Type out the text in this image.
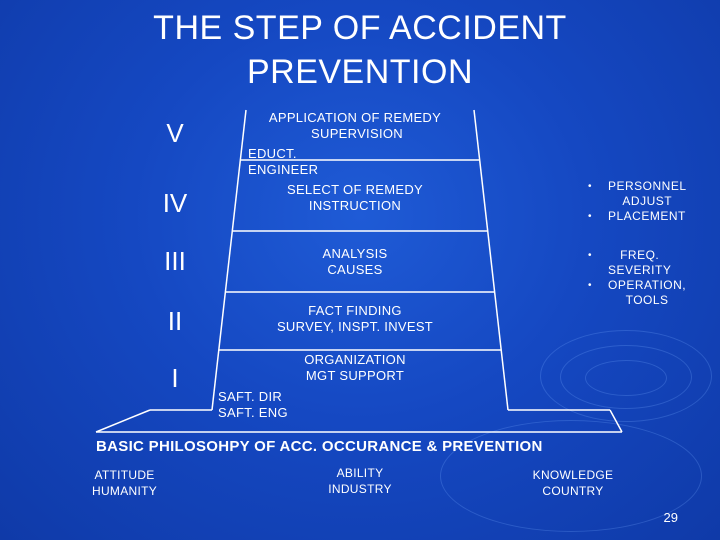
THE STEP OF ACCIDENT
PREVENTION
V
IV
III
II
I
APPLICATION OF REMEDY
SUPERVISION
EDUCT.
ENGINEER
SELECT OF REMEDY
INSTRUCTION
ANALYSIS
CAUSES
FACT FINDING
SURVEY, INSPT. INVEST
ORGANIZATION
MGT SUPPORT
SAFT. DIR
SAFT. ENG
•	PERSONNEL
ADJUST
•	PLACEMENT
•	FREQ.
SEVERITY
•	OPERATION,
TOOLS
BASIC PHILOSOHPY OF ACC. OCCURANCE & PREVENTION
ATTITUDE
HUMANITY
ABILITY
INDUSTRY
KNOWLEDGE
COUNTRY
29
